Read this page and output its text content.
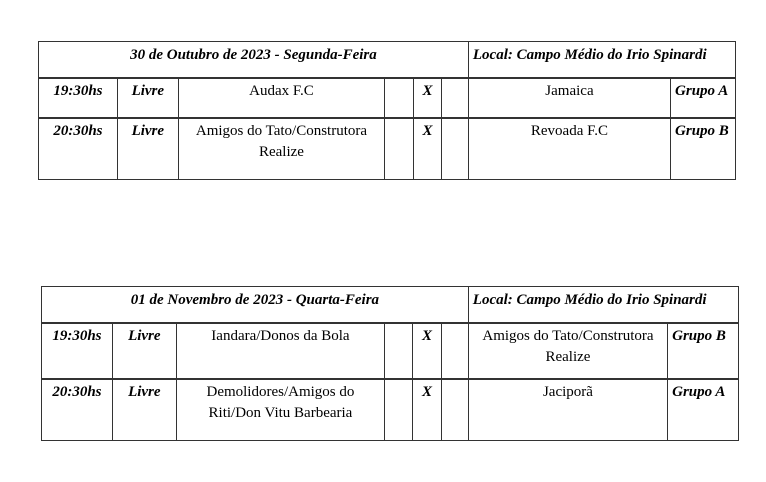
30 de Outubro de 2023 - Segunda-Feira						Local: Campo Médio do Irio Spinardi	
19:30hs	Livre	Audax F.C		X		Jamaica	Grupo A
20:30hs	Livre	Amigos do Tato/Construtora Realize		X		Revoada F.C	Grupo B
01 de Novembro de 2023 - Quarta-Feira						Local: Campo Médio do Irio Spinardi	
19:30hs	Livre	Iandara/Donos da Bola		X		Amigos do Tato/Construtora Realize	Grupo B
20:30hs	Livre	Demolidores/Amigos do Riti/Don Vitu Barbearia		X		Jaciporã	Grupo A
